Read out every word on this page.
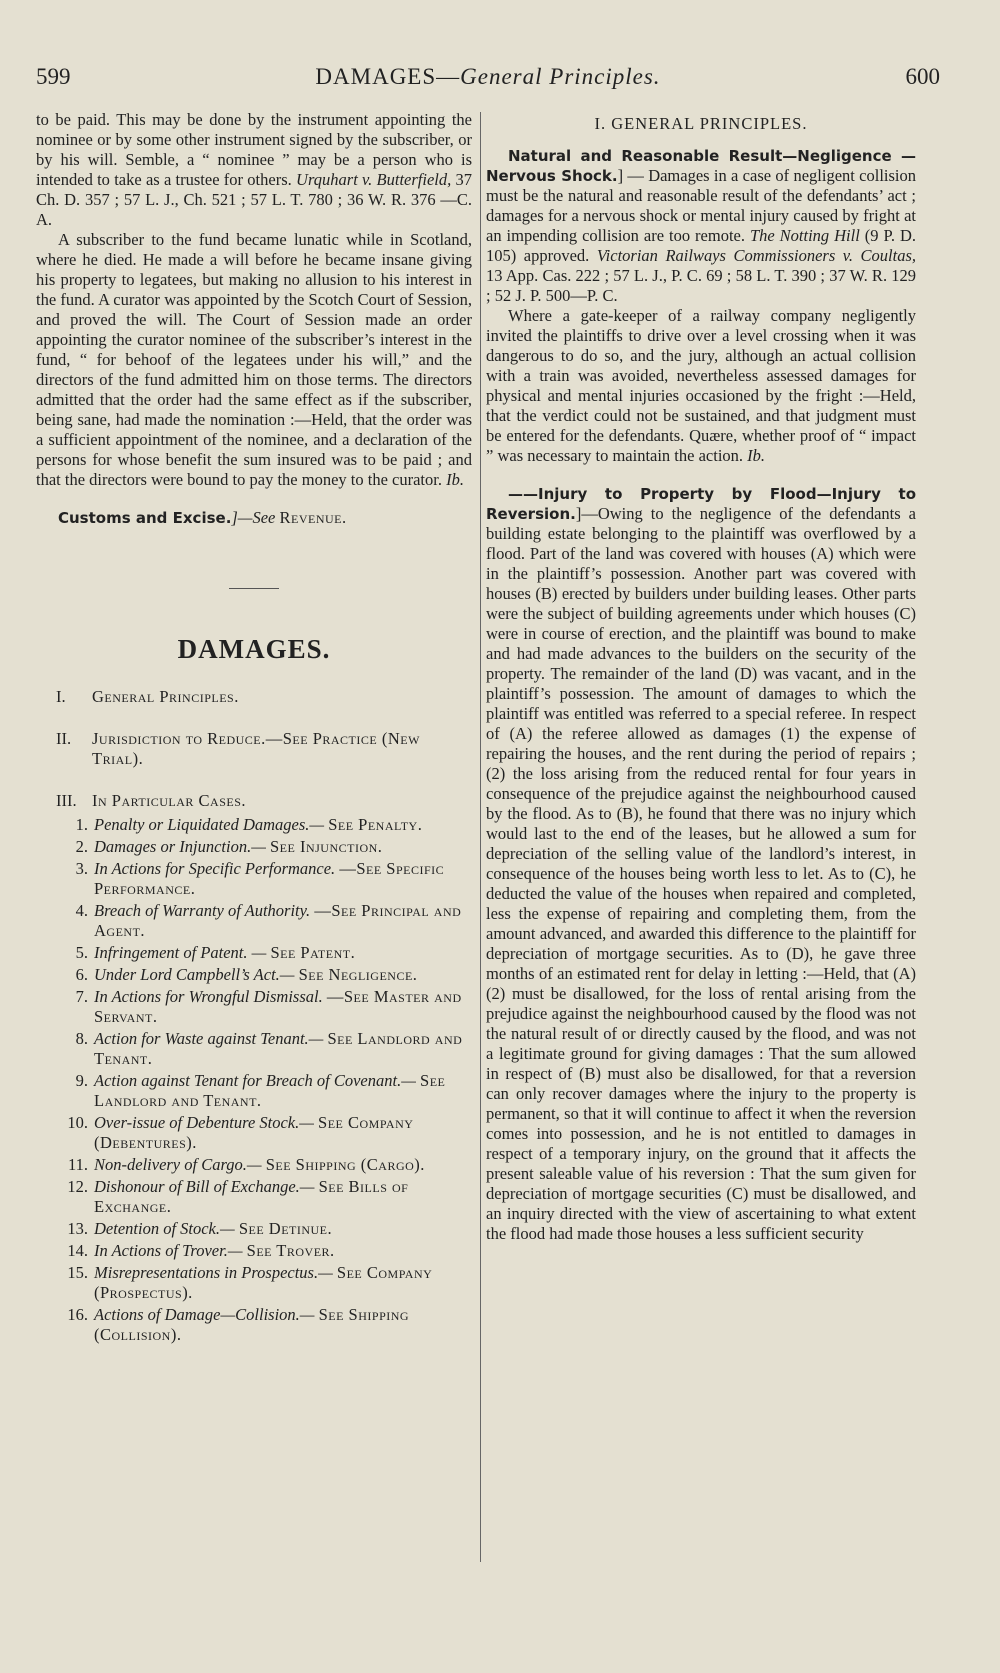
599	DAMAGES—General Principles.	600

to be paid. This may be done by the instrument appointing the nominee or by some other instrument signed by the subscriber, or by his will. Semble, a “ nominee ” may be a person who is intended to take as a trustee for others. Urquhart v. Butterfield, 37 Ch. D. 357 ; 57 L. J., Ch. 521 ; 57 L. T. 780 ; 36 W. R. 376 —C. A.

A subscriber to the fund became lunatic while in Scotland, where he died. He made a will before he became insane giving his property to legatees, but making no allusion to his interest in the fund. A curator was appointed by the Scotch Court of Session, and proved the will. The Court of Session made an order appointing the curator nominee of the subscriber’s interest in the fund, “ for behoof of the legatees under his will,” and the directors of the fund admitted him on those terms. The directors admitted that the order had the same effect as if the subscriber, being sane, had made the nomination :—Held, that the order was a sufficient appointment of the nominee, and a declaration of the persons for whose benefit the sum insured was to be paid ; and that the directors were bound to pay the money to the curator. Ib.

Customs and Excise.]—See Revenue.

DAMAGES.
I.	General Principles.
II.	Jurisdiction to Reduce.—See Practice (New Trial).
III. In Particular Cases.
1. Penalty or Liquidated Damages.— See Penalty.
2. Damages or Injunction.— See Injunction.
3. In Actions for Specific Performance. —See Specific Performance.
4. Breach of Warranty of Authority. —See Principal and Agent.
5. Infringement of Patent. — See Patent.
6. Under Lord Campbell’s Act.— See Negligence.
7. In Actions for Wrongful Dismissal. —See Master and Servant.
8. Action for Waste against Tenant.— See Landlord and Tenant.
9. Action against Tenant for Breach of Covenant.— See Landlord and Tenant.
10. Over-issue of Debenture Stock.— See Company (Debentures).
11. Non-delivery of Cargo.— See Shipping (Cargo).
12. Dishonour of Bill of Exchange.— See Bills of Exchange.
13. Detention of Stock.— See Detinue.
14. In Actions of Trover.— See Trover.
15. Misrepresentations in Prospectus.— See Company (Prospectus).
16. Actions of Damage—Collision.— See Shipping (Collision).
I. GENERAL PRINCIPLES.

Natural and Reasonable Result—Negligence —Nervous Shock.] — Damages in a case of negligent collision must be the natural and reasonable result of the defendants’ act ; damages for a nervous shock or mental injury caused by fright at an impending collision are too remote. The Notting Hill (9 P. D. 105) approved. Victorian Railways Commissioners v. Coultas, 13 App. Cas. 222 ; 57 L. J., P. C. 69 ; 58 L. T. 390 ; 37 W. R. 129 ; 52 J. P. 500—P. C.

Where a gate-keeper of a railway company negligently invited the plaintiffs to drive over a level crossing when it was dangerous to do so, and the jury, although an actual collision with a train was avoided, nevertheless assessed damages for physical and mental injuries occasioned by the fright :—Held, that the verdict could not be sustained, and that judgment must be entered for the defendants. Quære, whether proof of “ impact ” was necessary to maintain the action. Ib.

——Injury to Property by Flood—Injury to Reversion.]—Owing to the negligence of the defendants a building estate belonging to the plaintiff was overflowed by a flood. Part of the land was covered with houses (A) which were in the plaintiff’s possession. Another part was covered with houses (B) erected by builders under building leases. Other parts were the subject of building agreements under which houses (C) were in course of erection, and the plaintiff was bound to make and had made advances to the builders on the security of the property. The remainder of the land (D) was vacant, and in the plaintiff’s possession. The amount of damages to which the plaintiff was entitled was referred to a special referee. In respect of (A) the referee allowed as damages (1) the expense of repairing the houses, and the rent during the period of repairs ; (2) the loss arising from the reduced rental for four years in consequence of the prejudice against the neighbourhood caused by the flood. As to (B), he found that there was no injury which would last to the end of the leases, but he allowed a sum for depreciation of the selling value of the landlord’s interest, in consequence of the houses being worth less to let. As to (C), he deducted the value of the houses when repaired and completed, less the expense of repairing and completing them, from the amount advanced, and awarded this difference to the plaintiff for depreciation of mortgage securities. As to (D), he gave three months of an estimated rent for delay in letting :—Held, that (A) (2) must be disallowed, for the loss of rental arising from the prejudice against the neighbourhood caused by the flood was not the natural result of or directly caused by the flood, and was not a legitimate ground for giving damages : That the sum allowed in respect of (B) must also be disallowed, for that a reversion can only recover damages where the injury to the property is permanent, so that it will continue to affect it when the reversion comes into possession, and he is not entitled to damages in respect of a temporary injury, on the ground that it affects the present saleable value of his reversion : That the sum given for depreciation of mortgage securities (C) must be disallowed, and an inquiry directed with the view of ascertaining to what extent the flood had made those houses a less sufficient security
